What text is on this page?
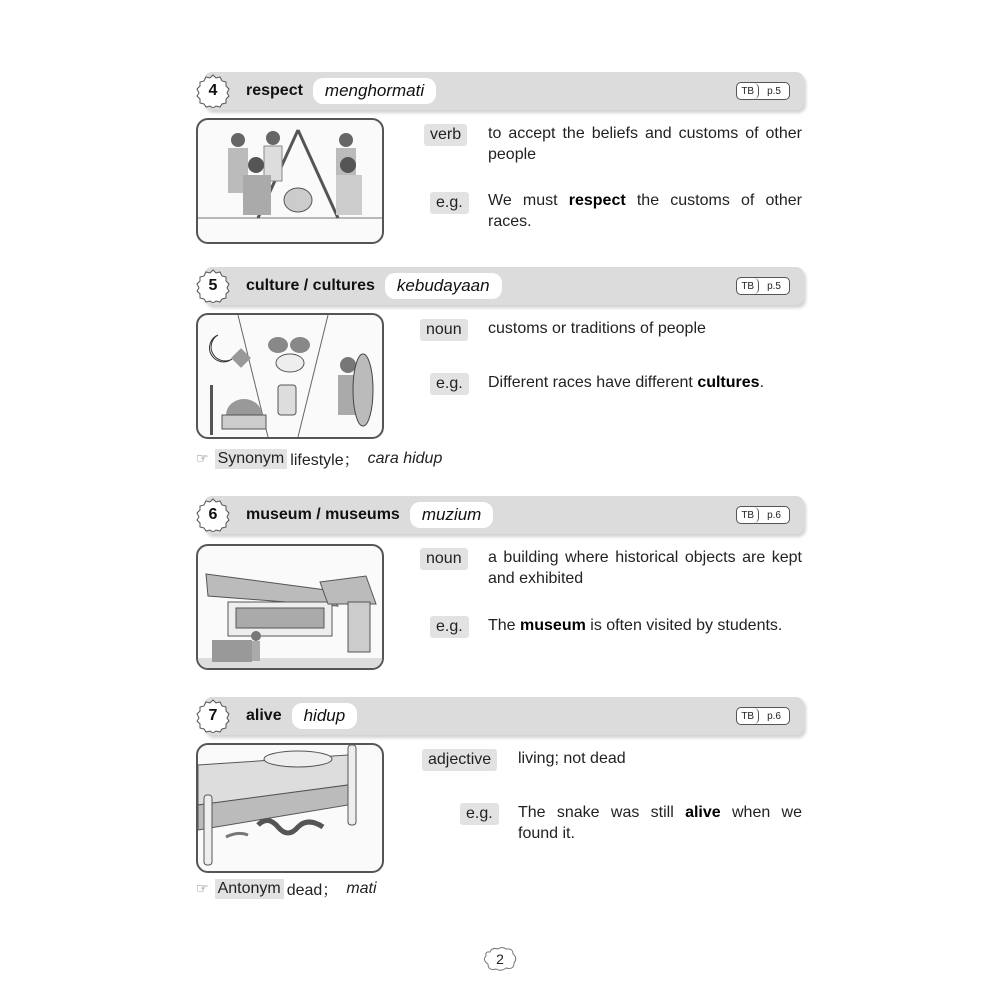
4 respect	menghormati	TB	p.5
verb	to accept the beliefs and customs of other people
e.g.	We must respect the customs of other races.
5 culture / cultures	kebudayaan	TB	p.5
noun	customs or traditions of people
e.g.	Different races have different cultures.
☞ Synonym lifestyle； cara hidup
6 museum / museums	muzium	TB	p.6
noun	a building where historical objects are kept and exhibited
e.g.	The museum is often visited by students.
7 alive	hidup	TB	p.6
adjective	living; not dead
e.g.	The snake was still alive when we found it.
☞ Antonym dead； mati
2
